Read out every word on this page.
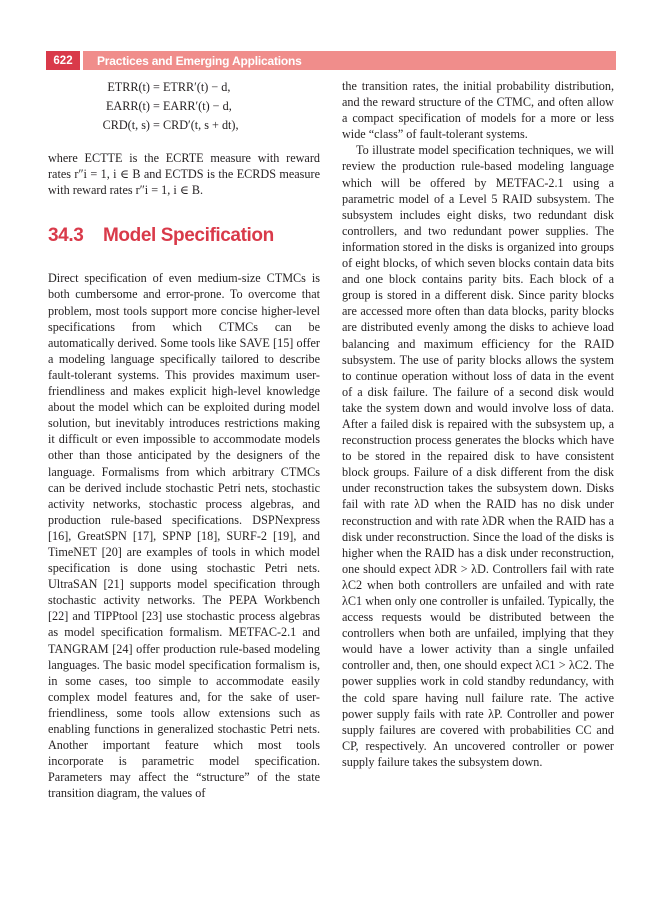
622	Practices and Emerging Applications
ETRR(t) = ETRR′(t) − d,
EARR(t) = EARR′(t) − d,
CRD(t, s) = CRD′(t, s + dt),

where ECTTE is the ECRTE measure with reward rates r″i = 1, i ∈ B and ECTDS is the ECRDS measure with reward rates r″i = 1, i ∈ B.

34.3	Model Specification

Direct specification of even medium-size CTMCs is both cumbersome and error-prone. To overcome that problem, most tools support more concise higher-level specifications from which CTMCs can be automatically derived. Some tools like SAVE [15] offer a modeling language specifically tailored to describe fault-tolerant systems. This provides maximum user-friendliness and makes explicit high-level knowledge about the model which can be exploited during model solution, but inevitably introduces restrictions making it difficult or even impossible to accommodate models other than those anticipated by the designers of the language. Formalisms from which arbitrary CTMCs can be derived include stochastic Petri nets, stochastic activity networks, stochastic process algebras, and production rule-based specifications. DSPNexpress [16], GreatSPN [17], SPNP [18], SURF-2 [19], and TimeNET [20] are examples of tools in which model specification is done using stochastic Petri nets. UltraSAN [21] supports model specification through stochastic activity networks. The PEPA Workbench [22] and TIPPtool [23] use stochastic process algebras as model specification formalism. METFAC-2.1 and TANGRAM [24] offer production rule-based modeling languages. The basic model specification formalism is, in some cases, too simple to accommodate easily complex model features and, for the sake of user-friendliness, some tools allow extensions such as enabling functions in generalized stochastic Petri nets. Another important feature which most tools incorporate is parametric model specification. Parameters may affect the “structure” of the state transition diagram, the values of

the transition rates, the initial probability distribution, and the reward structure of the CTMC, and often allow a compact specification of models for a more or less wide “class” of fault-tolerant systems.

To illustrate model specification techniques, we will review the production rule-based modeling language which will be offered by METFAC-2.1 using a parametric model of a Level 5 RAID subsystem. The subsystem includes eight disks, two redundant disk controllers, and two redundant power supplies. The information stored in the disks is organized into groups of eight blocks, of which seven blocks contain data bits and one block contains parity bits. Each block of a group is stored in a different disk. Since parity blocks are accessed more often than data blocks, parity blocks are distributed evenly among the disks to achieve load balancing and maximum efficiency for the RAID subsystem. The use of parity blocks allows the system to continue operation without loss of data in the event of a disk failure. The failure of a second disk would take the system down and would involve loss of data. After a failed disk is repaired with the subsystem up, a reconstruction process generates the blocks which have to be stored in the repaired disk to have consistent block groups. Failure of a disk different from the disk under reconstruction takes the subsystem down. Disks fail with rate λD when the RAID has no disk under reconstruction and with rate λDR when the RAID has a disk under reconstruction. Since the load of the disks is higher when the RAID has a disk under reconstruction, one should expect λDR > λD. Controllers fail with rate λC2 when both controllers are unfailed and with rate λC1 when only one controller is unfailed. Typically, the access requests would be distributed between the controllers when both are unfailed, implying that they would have a lower activity than a single unfailed controller and, then, one should expect λC1 > λC2. The power supplies work in cold standby redundancy, with the cold spare having null failure rate. The active power supply fails with rate λP. Controller and power supply failures are covered with probabilities CC and CP, respectively. An uncovered controller or power supply failure takes the subsystem down.
